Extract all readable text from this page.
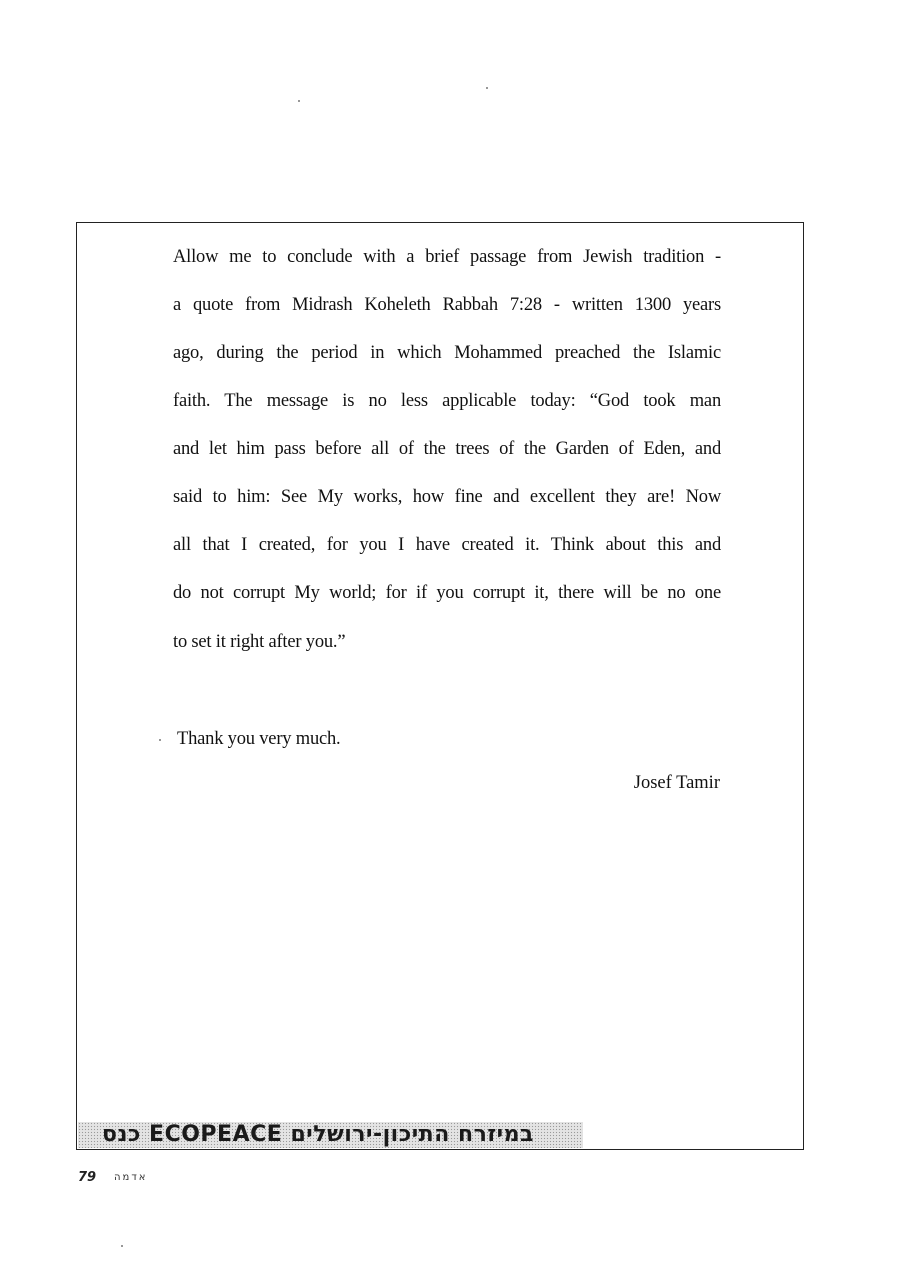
Allow me to conclude with a brief passage from Jewish tradition -
a quote from Midrash Koheleth Rabbah 7:28 - written 1300 years
ago, during the period in which Mohammed preached the Islamic
faith. The message is no less applicable today: “God took man
and let him pass before all of the trees of the Garden of Eden, and
said to him: See My works, how fine and excellent they are! Now
all that I created, for you I have created it. Think about this and
do not corrupt My world; for if you corrupt it, there will be no one
to set it right after you.”
Thank you very much.
Josef Tamir
כנס ECOPEACE במיזרח התיכון-ירושלים
79 אדמה
